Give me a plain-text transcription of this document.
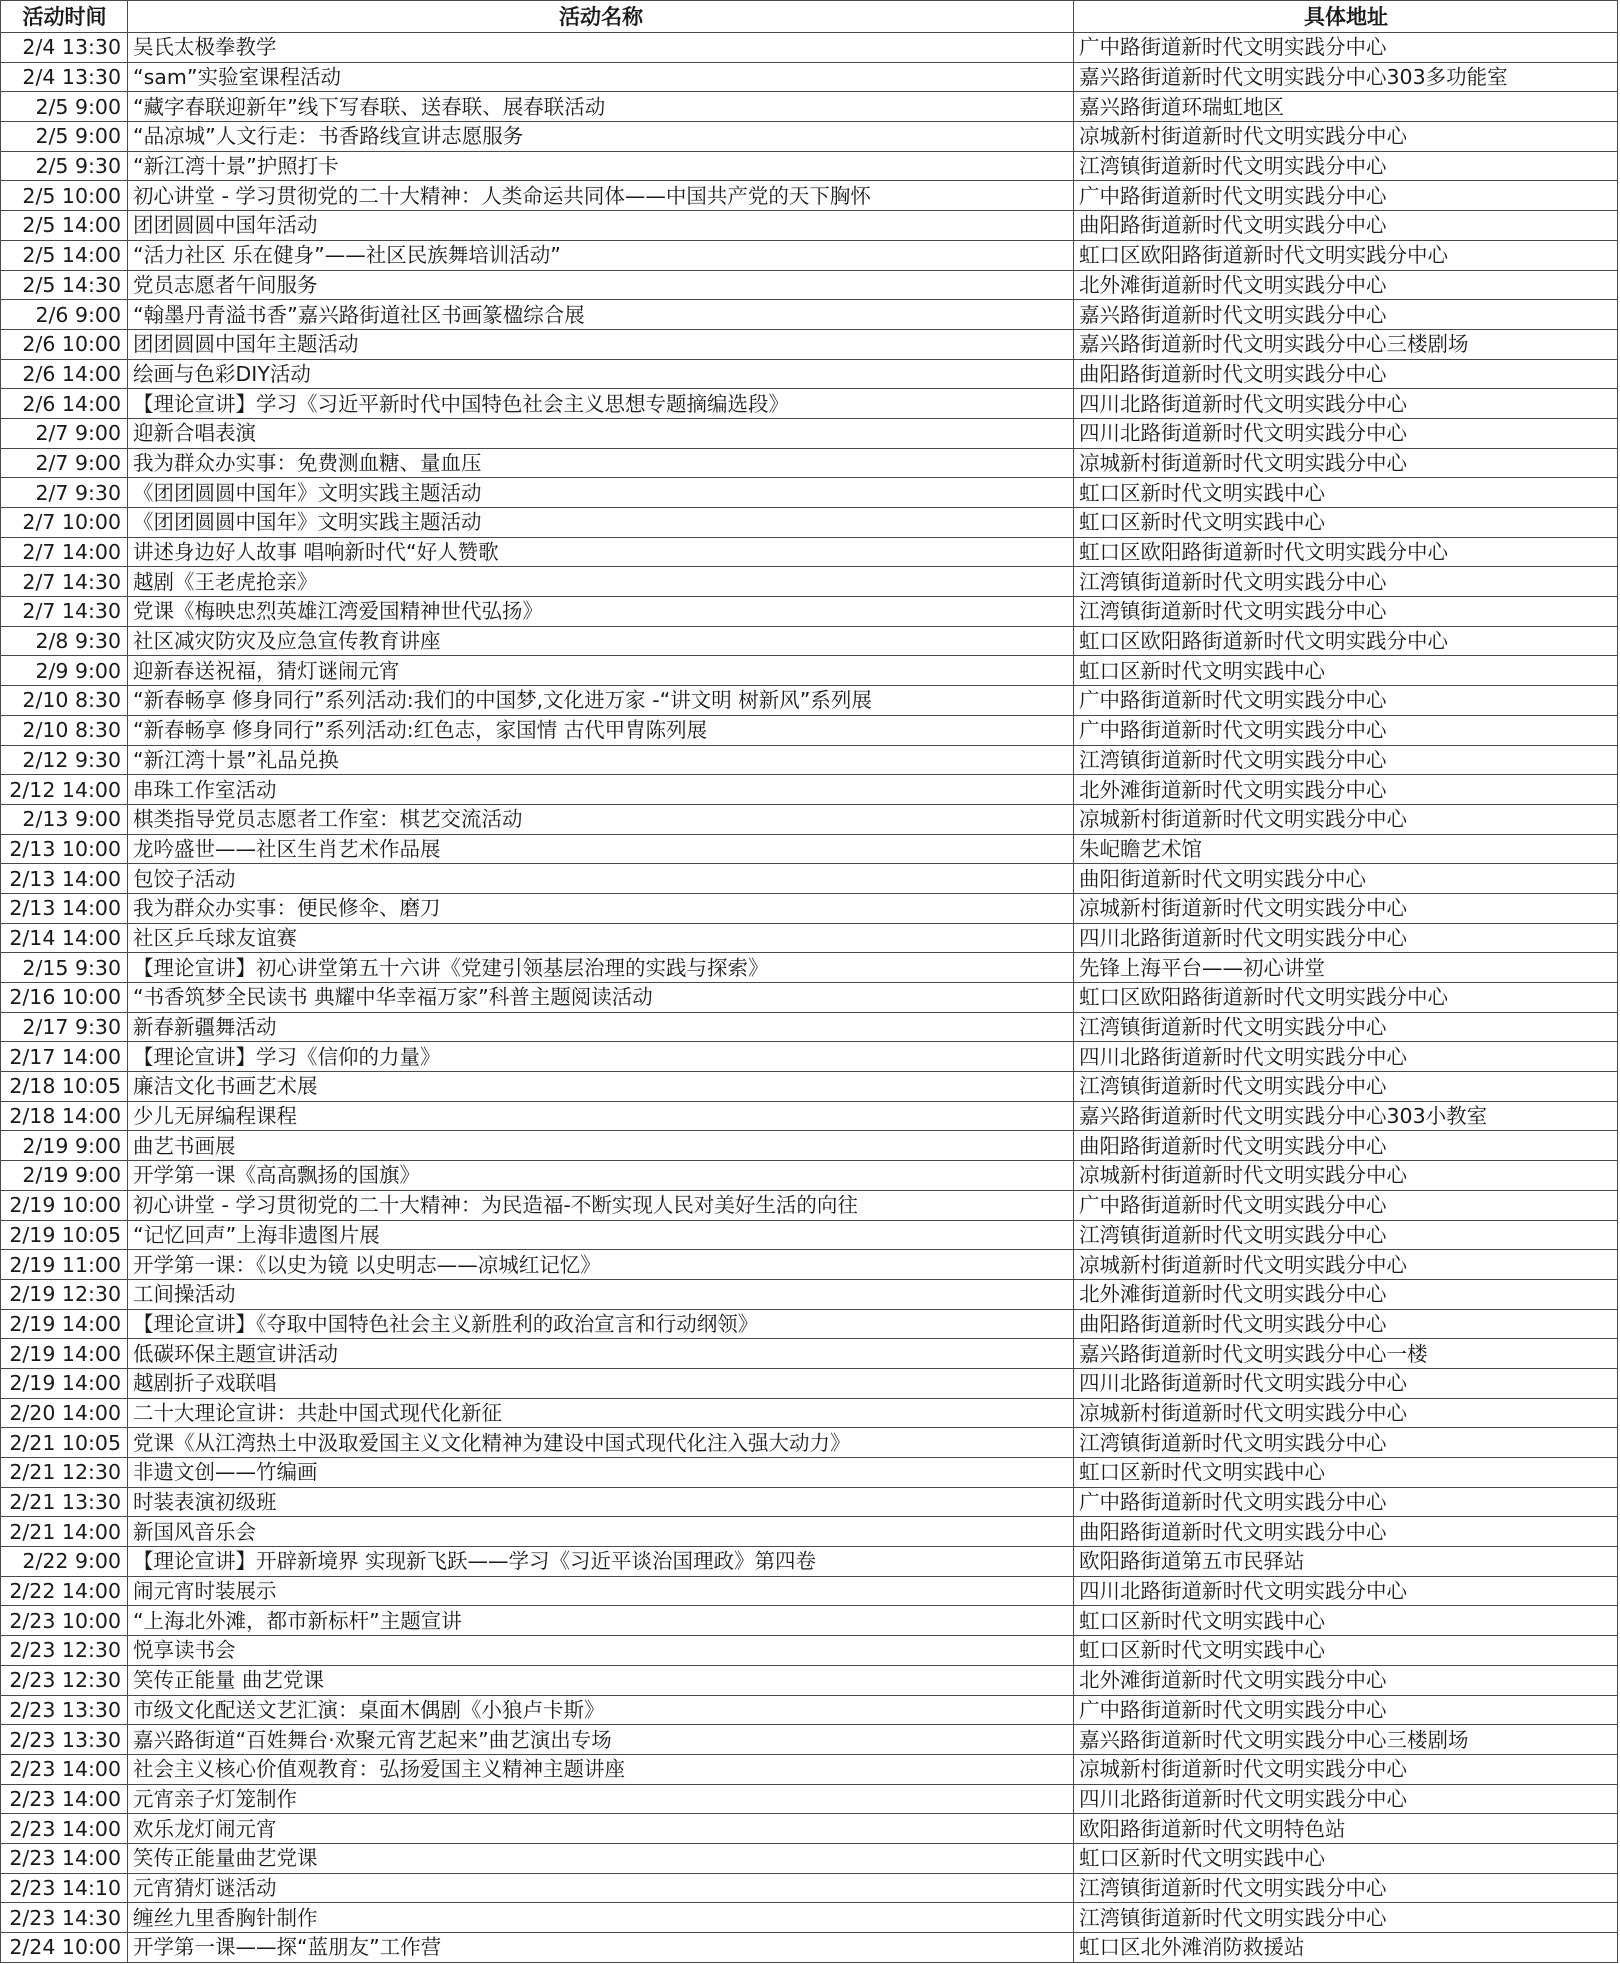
活动时间	活动名称	具体地址
2/4 13:30	吴氏太极拳教学	广中路街道新时代文明实践分中心
2/4 13:30	“sam”实验室课程活动	嘉兴路街道新时代文明实践分中心303多功能室
2/5 9:00	“藏字春联迎新年”线下写春联、送春联、展春联活动	嘉兴路街道环瑞虹地区
2/5 9:00	“品凉城”人文行走：书香路线宣讲志愿服务	凉城新村街道新时代文明实践分中心
2/5 9:30	“新江湾十景”护照打卡	江湾镇街道新时代文明实践分中心
2/5 10:00	初心讲堂 - 学习贯彻党的二十大精神：人类命运共同体——中国共产党的天下胸怀	广中路街道新时代文明实践分中心
2/5 14:00	团团圆圆中国年活动	曲阳路街道新时代文明实践分中心
2/5 14:00	“活力社区 乐在健身”——社区民族舞培训活动”	虹口区欧阳路街道新时代文明实践分中心
2/5 14:30	党员志愿者午间服务	北外滩街道新时代文明实践分中心
2/6 9:00	“翰墨丹青溢书香”嘉兴路街道社区书画篆楹综合展	嘉兴路街道新时代文明实践分中心
2/6 10:00	团团圆圆中国年主题活动	嘉兴路街道新时代文明实践分中心三楼剧场
2/6 14:00	绘画与色彩DIY活动	曲阳路街道新时代文明实践分中心
2/6 14:00	【理论宣讲】学习《习近平新时代中国特色社会主义思想专题摘编选段》	四川北路街道新时代文明实践分中心
2/7 9:00	迎新合唱表演	四川北路街道新时代文明实践分中心
2/7 9:00	我为群众办实事：免费测血糖、量血压	凉城新村街道新时代文明实践分中心
2/7 9:30	《团团圆圆中国年》文明实践主题活动	虹口区新时代文明实践中心
2/7 10:00	《团团圆圆中国年》文明实践主题活动	虹口区新时代文明实践中心
2/7 14:00	讲述身边好人故事 唱响新时代“好人赞歌	虹口区欧阳路街道新时代文明实践分中心
2/7 14:30	越剧《王老虎抢亲》	江湾镇街道新时代文明实践分中心
2/7 14:30	党课《梅映忠烈英雄江湾爱国精神世代弘扬》	江湾镇街道新时代文明实践分中心
2/8 9:30	社区减灾防灾及应急宣传教育讲座	虹口区欧阳路街道新时代文明实践分中心
2/9 9:00	迎新春送祝福，猜灯谜闹元宵	虹口区新时代文明实践中心
2/10 8:30	“新春畅享 修身同行”系列活动:我们的中国梦,文化进万家 -“讲文明 树新风”系列展	广中路街道新时代文明实践分中心
2/10 8:30	“新春畅享 修身同行”系列活动:红色志，家国情 古代甲胄陈列展	广中路街道新时代文明实践分中心
2/12 9:30	“新江湾十景”礼品兑换	江湾镇街道新时代文明实践分中心
2/12 14:00	串珠工作室活动	北外滩街道新时代文明实践分中心
2/13 9:00	棋类指导党员志愿者工作室：棋艺交流活动	凉城新村街道新时代文明实践分中心
2/13 10:00	龙吟盛世——社区生肖艺术作品展	朱屺瞻艺术馆
2/13 14:00	包饺子活动	曲阳街道新时代文明实践分中心
2/13 14:00	我为群众办实事：便民修伞、磨刀	凉城新村街道新时代文明实践分中心
2/14 14:00	社区乒乓球友谊赛	四川北路街道新时代文明实践分中心
2/15 9:30	【理论宣讲】初心讲堂第五十六讲《党建引领基层治理的实践与探索》	先锋上海平台——初心讲堂
2/16 10:00	“书香筑梦全民读书 典耀中华幸福万家”科普主题阅读活动	虹口区欧阳路街道新时代文明实践分中心
2/17 9:30	新春新疆舞活动	江湾镇街道新时代文明实践分中心
2/17 14:00	【理论宣讲】学习《信仰的力量》	四川北路街道新时代文明实践分中心
2/18 10:05	廉洁文化书画艺术展	江湾镇街道新时代文明实践分中心
2/18 14:00	少儿无屏编程课程	嘉兴路街道新时代文明实践分中心303小教室
2/19 9:00	曲艺书画展	曲阳路街道新时代文明实践分中心
2/19 9:00	开学第一课《高高飘扬的国旗》	凉城新村街道新时代文明实践分中心
2/19 10:00	初心讲堂 - 学习贯彻党的二十大精神：为民造福-不断实现人民对美好生活的向往	广中路街道新时代文明实践分中心
2/19 10:05	“记忆回声”上海非遗图片展	江湾镇街道新时代文明实践分中心
2/19 11:00	开学第一课：《以史为镜 以史明志——凉城红记忆》	凉城新村街道新时代文明实践分中心
2/19 12:30	工间操活动	北外滩街道新时代文明实践分中心
2/19 14:00	【理论宣讲】《夺取中国特色社会主义新胜利的政治宣言和行动纲领》	曲阳路街道新时代文明实践分中心
2/19 14:00	低碳环保主题宣讲活动	嘉兴路街道新时代文明实践分中心一楼
2/19 14:00	越剧折子戏联唱	四川北路街道新时代文明实践分中心
2/20 14:00	二十大理论宣讲：共赴中国式现代化新征	凉城新村街道新时代文明实践分中心
2/21 10:05	党课《从江湾热土中汲取爱国主义文化精神为建设中国式现代化注入强大动力》	江湾镇街道新时代文明实践分中心
2/21 12:30	非遗文创——竹编画	虹口区新时代文明实践中心
2/21 13:30	时装表演初级班	广中路街道新时代文明实践分中心
2/21 14:00	新国风音乐会	曲阳路街道新时代文明实践分中心
2/22 9:00	【理论宣讲】开辟新境界 实现新飞跃——学习《习近平谈治国理政》第四卷	欧阳路街道第五市民驿站
2/22 14:00	闹元宵时装展示	四川北路街道新时代文明实践分中心
2/23 10:00	“上海北外滩，都市新标杆”主题宣讲	虹口区新时代文明实践中心
2/23 12:30	悦享读书会	虹口区新时代文明实践中心
2/23 12:30	笑传正能量 曲艺党课	北外滩街道新时代文明实践分中心
2/23 13:30	市级文化配送文艺汇演：桌面木偶剧《小狼卢卡斯》	广中路街道新时代文明实践分中心
2/23 13:30	嘉兴路街道“百姓舞台·欢聚元宵艺起来”曲艺演出专场	嘉兴路街道新时代文明实践分中心三楼剧场
2/23 14:00	社会主义核心价值观教育：弘扬爱国主义精神主题讲座	凉城新村街道新时代文明实践分中心
2/23 14:00	元宵亲子灯笼制作	四川北路街道新时代文明实践分中心
2/23 14:00	欢乐龙灯闹元宵	欧阳路街道新时代文明特色站
2/23 14:00	笑传正能量曲艺党课	虹口区新时代文明实践中心
2/23 14:10	元宵猜灯谜活动	江湾镇街道新时代文明实践分中心
2/23 14:30	缠丝九里香胸针制作	江湾镇街道新时代文明实践分中心
2/24 10:00	开学第一课——探“蓝朋友”工作营	虹口区北外滩消防救援站
